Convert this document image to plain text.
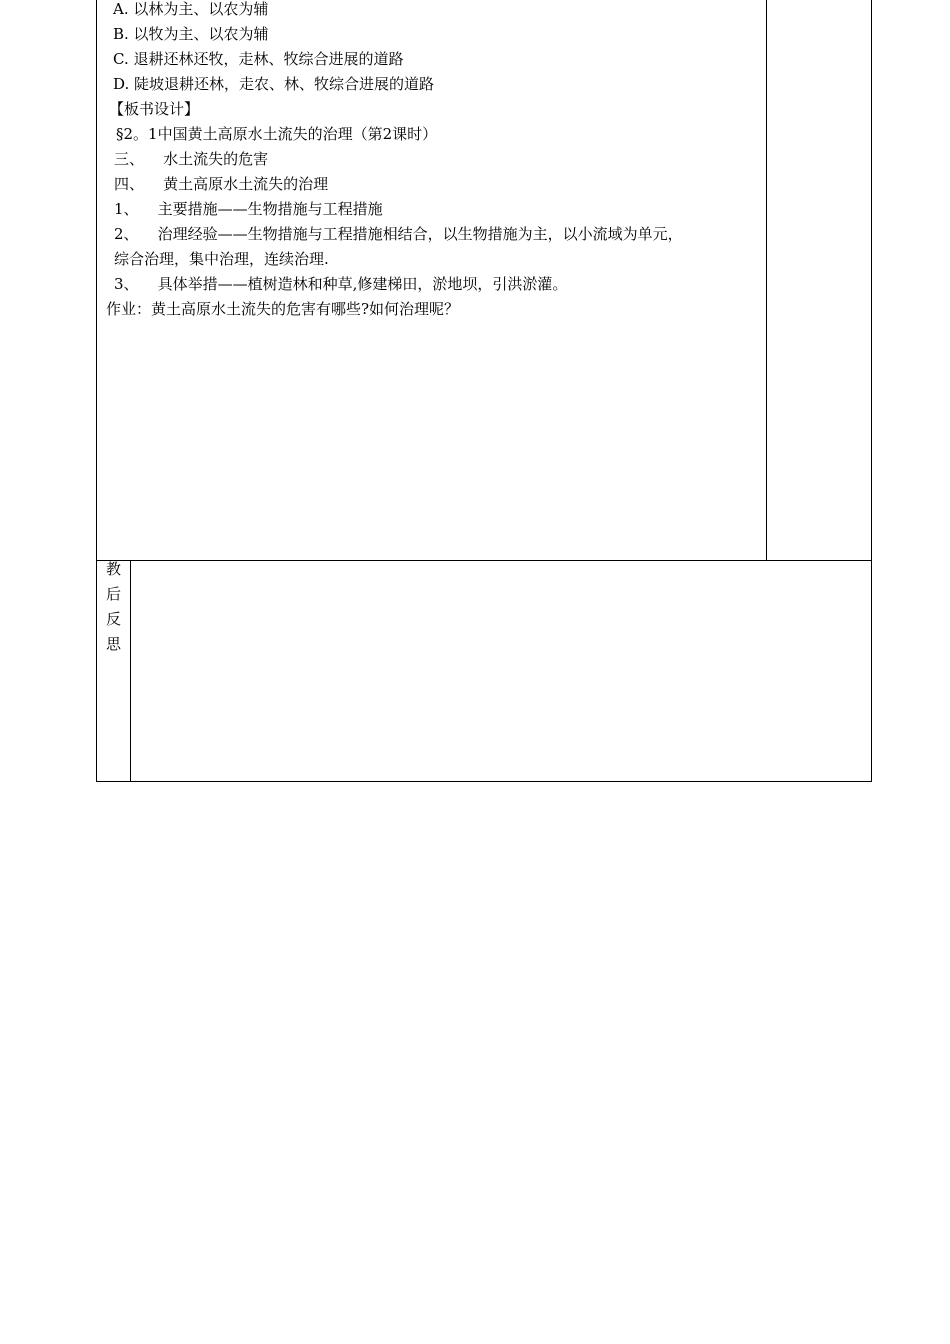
A. 以林为主、以农为辅
B. 以牧为主、以农为辅
C. 退耕还林还牧，走林、牧综合进展的道路
D. 陡坡退耕还林，走农、林、牧综合进展的道路
【板书设计】
§2。1中国黄土高原水土流失的治理（第2课时）
三、    水土流失的危害
四、    黄土高原水土流失的治理
1、    主要措施——生物措施与工程措施
2、    治理经验——生物措施与工程措施相结合，以生物措施为主，以小流域为单元，
综合治理，集中治理，连续治理.
3、    具体举措——植树造林和种草,修建梯田，淤地坝，引洪淤灌。
作业：黄土高原水土流失的危害有哪些?如何治理呢？
教
后
反
思
